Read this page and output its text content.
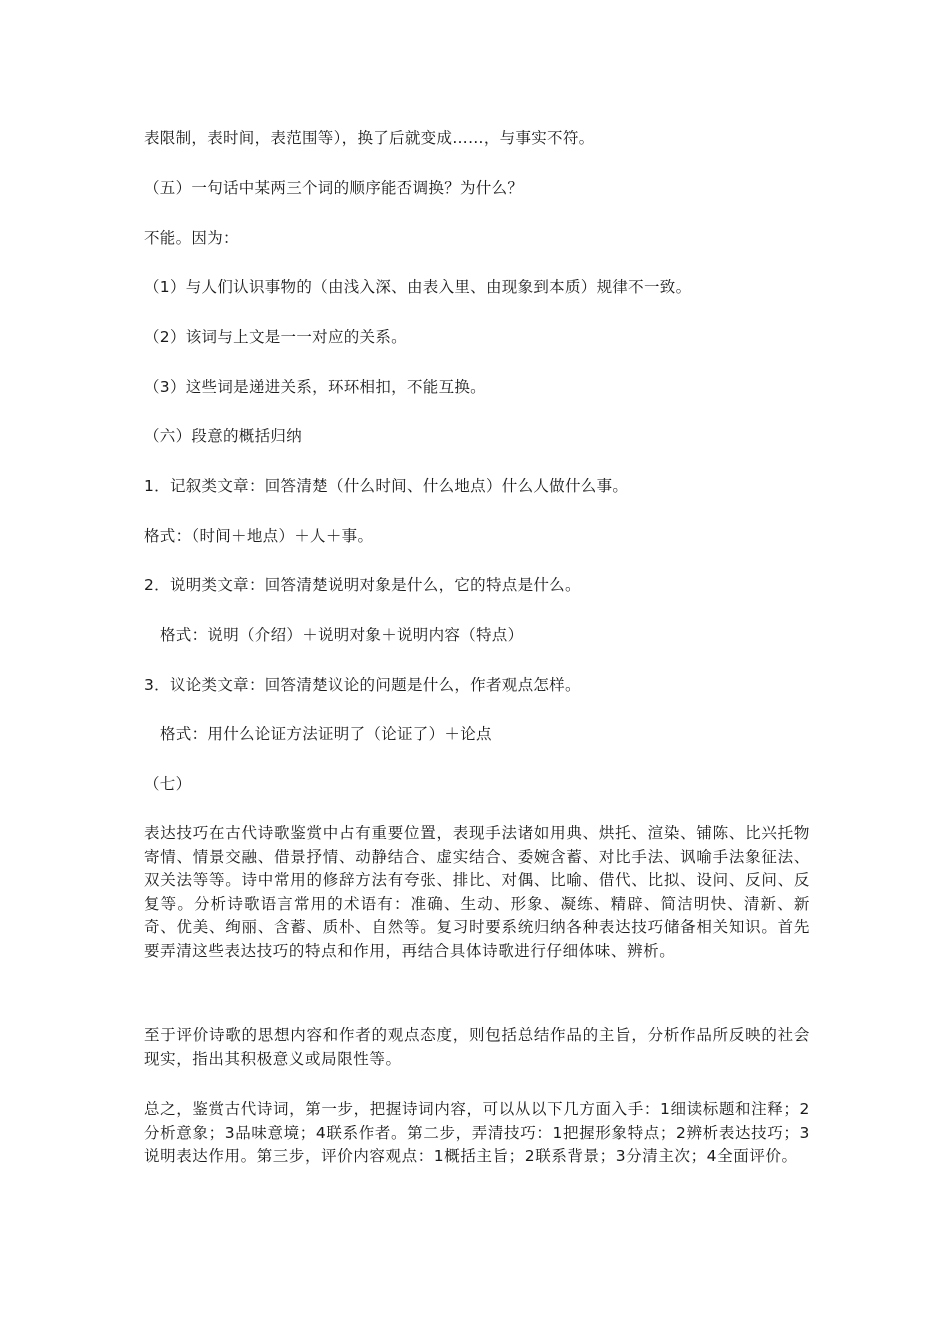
表限制，表时间，表范围等），换了后就变成……，与事实不符。
（五）一句话中某两三个词的顺序能否调换？为什么？
不能。因为：
（1）与人们认识事物的（由浅入深、由表入里、由现象到本质）规律不一致。
（2）该词与上文是一一对应的关系。
（3）这些词是递进关系，环环相扣，不能互换。
（六）段意的概括归纳
1．记叙类文章：回答清楚（什么时间、什么地点）什么人做什么事。
格式：（时间＋地点）＋人＋事。
2．说明类文章：回答清楚说明对象是什么，它的特点是什么。
格式：说明（介绍）＋说明对象＋说明内容（特点）
3．议论类文章：回答清楚议论的问题是什么，作者观点怎样。
格式：用什么论证方法证明了（论证了）＋论点
（七）
表达技巧在古代诗歌鉴赏中占有重要位置，表现手法诸如用典、烘托、渲染、铺陈、比兴托物寄情、情景交融、借景抒情、动静结合、虚实结合、委婉含蓄、对比手法、讽喻手法象征法、双关法等等。诗中常用的修辞方法有夸张、排比、对偶、比喻、借代、比拟、设问、反问、反复等。分析诗歌语言常用的术语有：准确、生动、形象、凝练、精辟、简洁明快、清新、新奇、优美、绚丽、含蓄、质朴、自然等。复习时要系统归纳各种表达技巧储备相关知识。首先要弄清这些表达技巧的特点和作用，再结合具体诗歌进行仔细体味、辨析。
至于评价诗歌的思想内容和作者的观点态度，则包括总结作品的主旨，分析作品所反映的社会现实，指出其积极意义或局限性等。
总之，鉴赏古代诗词，第一步，把握诗词内容，可以从以下几方面入手：1细读标题和注释；2分析意象；3品味意境；4联系作者。第二步，弄清技巧：1把握形象特点；2辨析表达技巧；3说明表达作用。第三步，评价内容观点：1概括主旨；2联系背景；3分清主次；4全面评价。
